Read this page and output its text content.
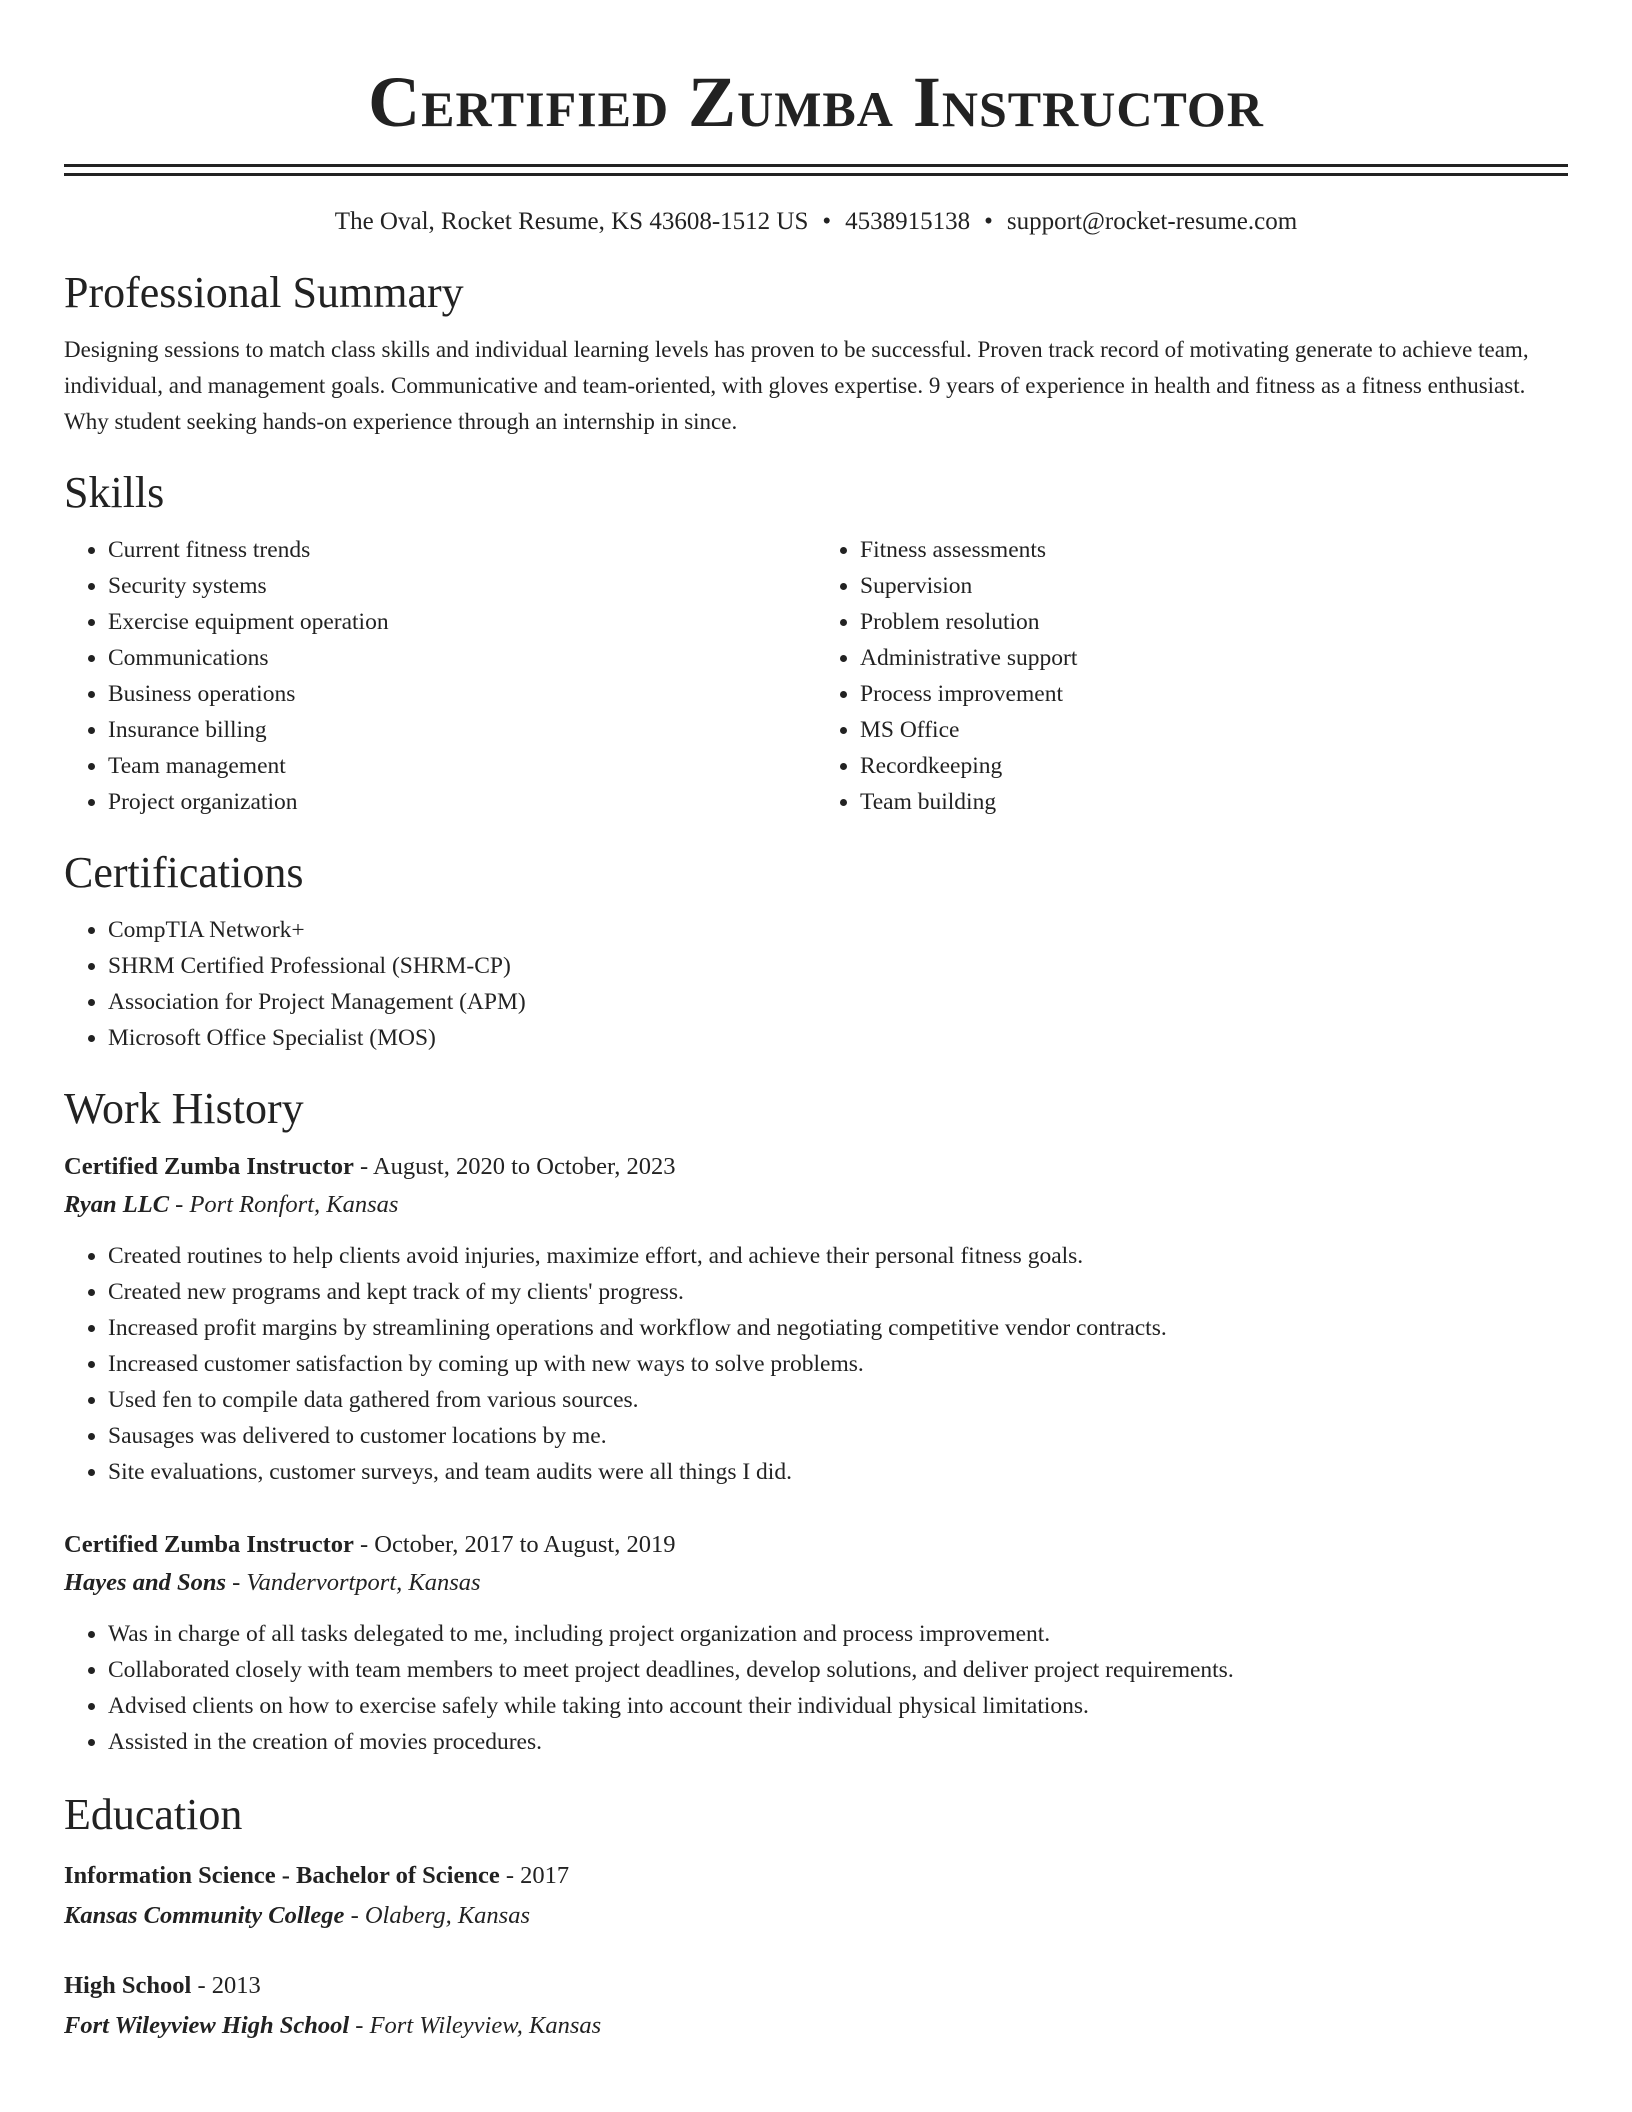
Certified Zumba Instructor
The Oval, Rocket Resume, KS 43608-1512 US • 4538915138 • support@rocket-resume.com
Professional Summary

Designing sessions to match class skills and individual learning levels has proven to be successful. Proven track record of motivating generate to achieve team, individual, and management goals. Communicative and team-oriented, with gloves expertise. 9 years of experience in health and fitness as a fitness enthusiast. Why student seeking hands-on experience through an internship in since.

Skills
• Current fitness trends
• Security systems
• Exercise equipment operation
• Communications
• Business operations
• Insurance billing
• Team management
• Project organization
• Fitness assessments
• Supervision
• Problem resolution
• Administrative support
• Process improvement
• MS Office
• Recordkeeping
• Team building
Certifications
• CompTIA Network+
• SHRM Certified Professional (SHRM-CP)
• Association for Project Management (APM)
• Microsoft Office Specialist (MOS)
Work History
Certified Zumba Instructor - August, 2020 to October, 2023
Ryan LLC - Port Ronfort, Kansas
• Created routines to help clients avoid injuries, maximize effort, and achieve their personal fitness goals.
• Created new programs and kept track of my clients' progress.
• Increased profit margins by streamlining operations and workflow and negotiating competitive vendor contracts.
• Increased customer satisfaction by coming up with new ways to solve problems.
• Used fen to compile data gathered from various sources.
• Sausages was delivered to customer locations by me.
• Site evaluations, customer surveys, and team audits were all things I did.
Certified Zumba Instructor - October, 2017 to August, 2019
Hayes and Sons - Vandervortport, Kansas
• Was in charge of all tasks delegated to me, including project organization and process improvement.
• Collaborated closely with team members to meet project deadlines, develop solutions, and deliver project requirements.
• Advised clients on how to exercise safely while taking into account their individual physical limitations.
• Assisted in the creation of movies procedures.
Education
Information Science - Bachelor of Science - 2017
Kansas Community College - Olaberg, Kansas
High School - 2013
Fort Wileyview High School - Fort Wileyview, Kansas
